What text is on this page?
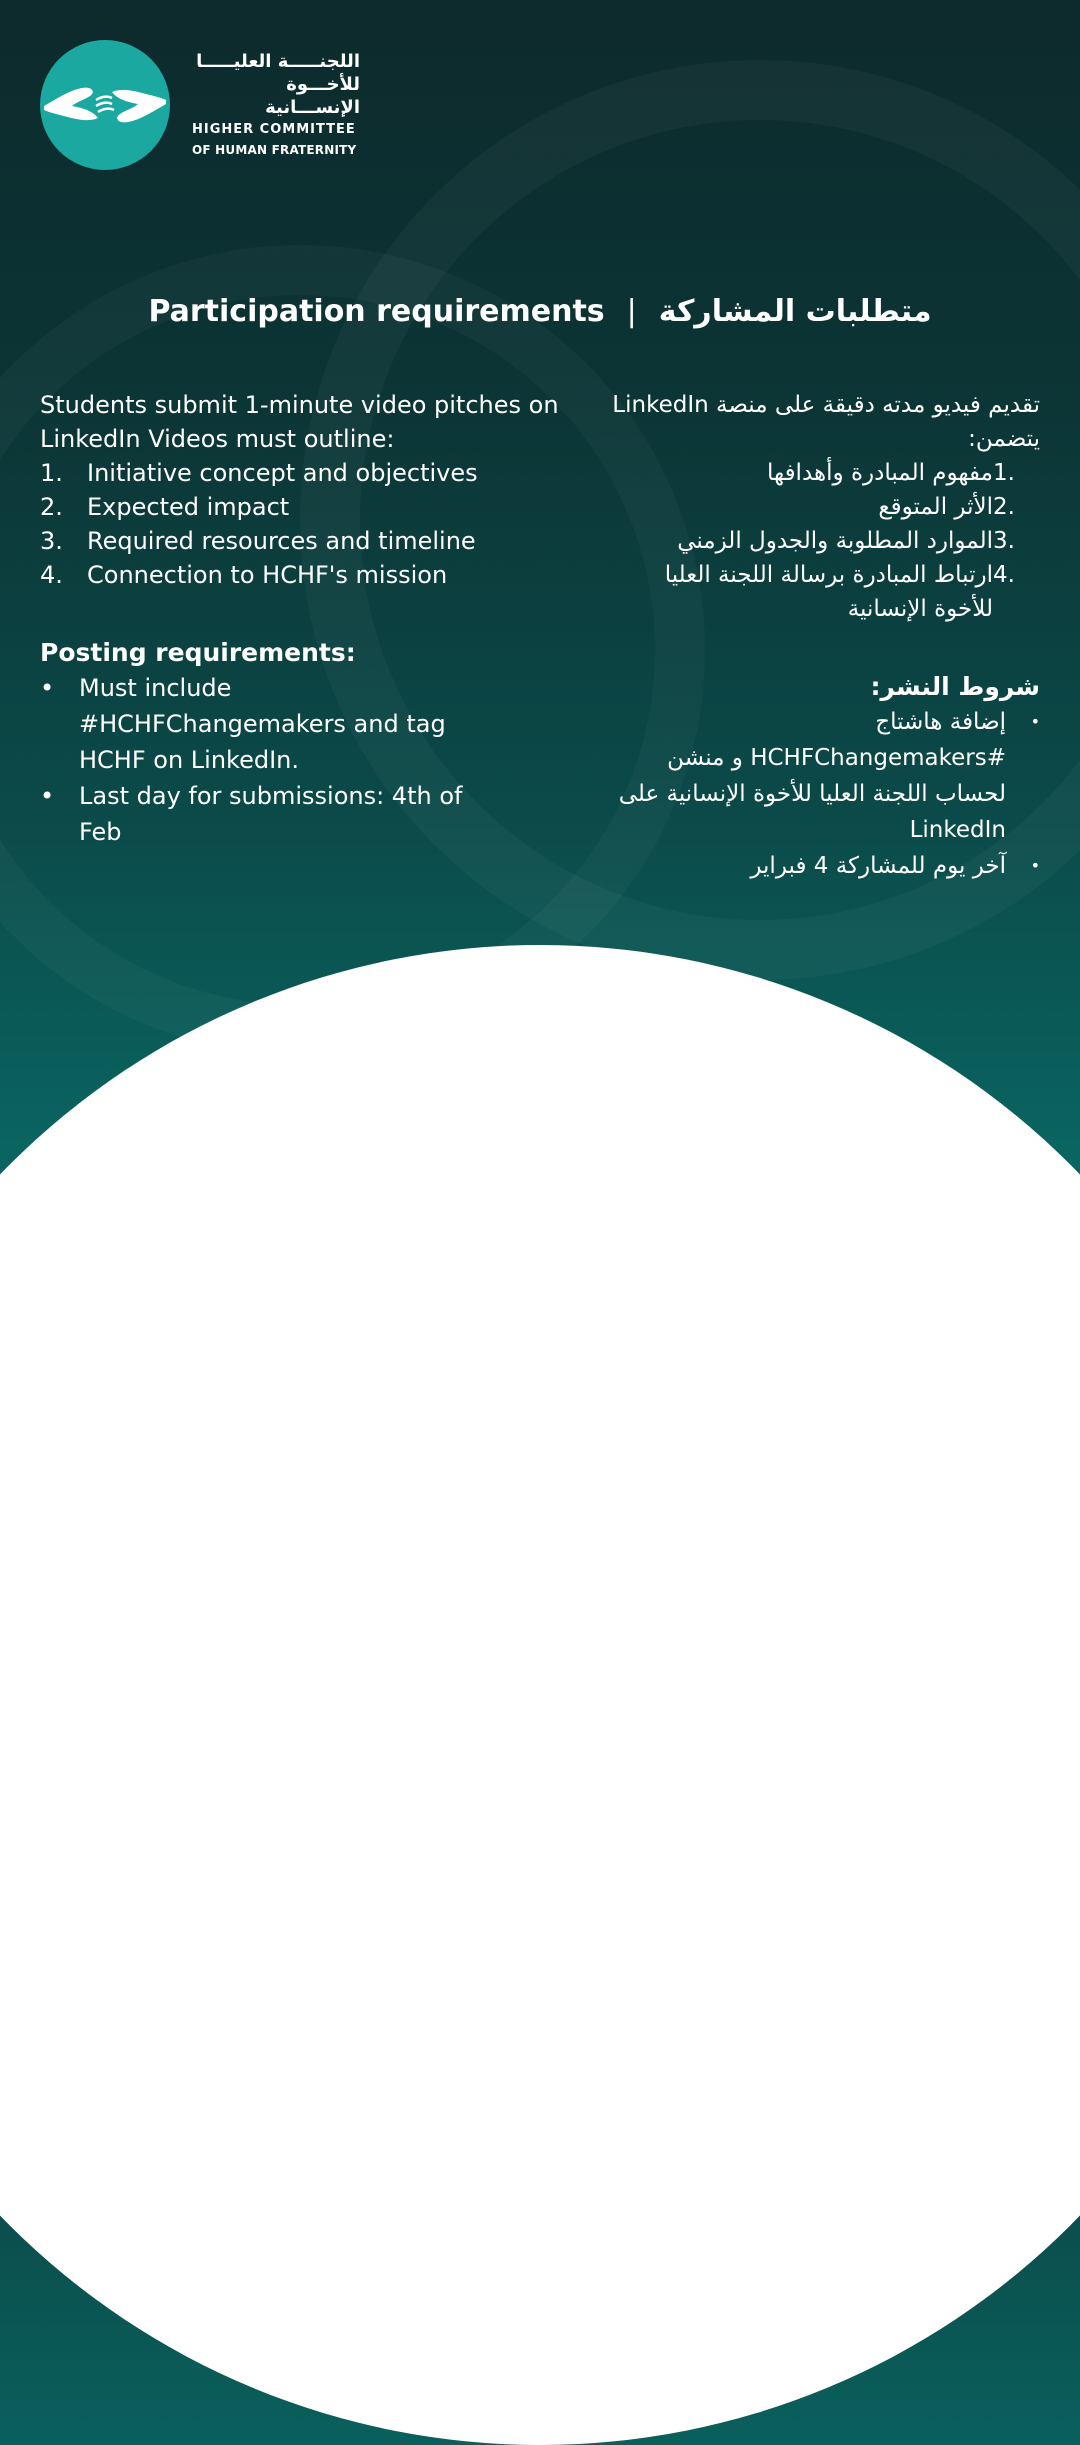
اللجنـــــة العليـــــا
للأخـــوة الإنســـانية
HIGHER COMMITTEE
OF HUMAN FRATERNITY
Participation requirements | متطلبات المشاركة
Students submit 1-minute video pitches on LinkedIn Videos must outline:
1.	Initiative concept and objectives
2.	Expected impact
3.	Required resources and timeline
4.	Connection to HCHF's mission
Posting requirements:
•	Must include #HCHFChangemakers and tag HCHF on LinkedIn.
•	Last day for submissions: 4th of Feb
تقديم فيديو مدته دقيقة على منصة LinkedIn يتضمن:
1.
مفهوم المبادرة وأهدافها
2.
الأثر المتوقع
3.
الموارد المطلوبة والجدول الزمني
4.
ارتباط المبادرة برسالة اللجنة العليا للأخوة الإنسانية
شروط النشر:
•
إضافة هاشتاج #HCHFChangemakers و منشن لحساب اللجنة العليا للأخوة الإنسانية على LinkedIn
•
آخر يوم للمشاركة 4 فبراير
